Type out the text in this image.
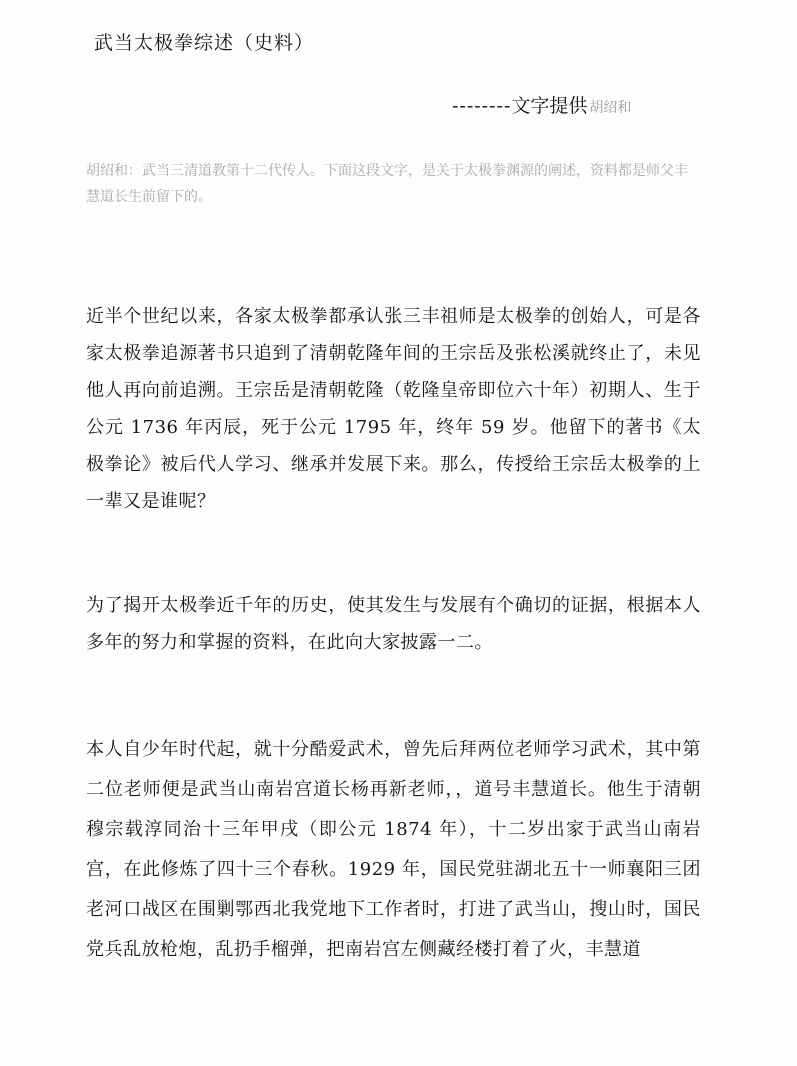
武当太极拳综述（史料）
--------文字提供 胡绍和
胡绍和：武当三清道教第十二代传人。下面这段文字，是关于太极拳渊源的阐述，资料都是师父丰慧道长生前留下的。
近半个世纪以来，各家太极拳都承认张三丰祖师是太极拳的创始人，可是各家太极拳追源著书只追到了清朝乾隆年间的王宗岳及张松溪就终止了，未见他人再向前追溯。王宗岳是清朝乾隆（乾隆皇帝即位六十年）初期人、生于公元 1736 年丙辰，死于公元 1795 年，终年 59 岁。他留下的著书《太极拳论》被后代人学习、继承并发展下来。那么，传授给王宗岳太极拳的上一辈又是谁呢？
为了揭开太极拳近千年的历史，使其发生与发展有个确切的证据，根据本人多年的努力和掌握的资料，在此向大家披露一二。
本人自少年时代起，就十分酷爱武术，曾先后拜两位老师学习武术，其中第二位老师便是武当山南岩宫道长杨再新老师，，道号丰慧道长。他生于清朝穆宗载淳同治十三年甲戌（即公元 1874 年），十二岁出家于武当山南岩宫，在此修炼了四十三个春秋。1929 年，国民党驻湖北五十一师襄阳三团老河口战区在围剿鄂西北我党地下工作者时，打进了武当山，搜山时，国民党兵乱放枪炮，乱扔手榴弹，把南岩宫左侧藏经楼打着了火，丰慧道
